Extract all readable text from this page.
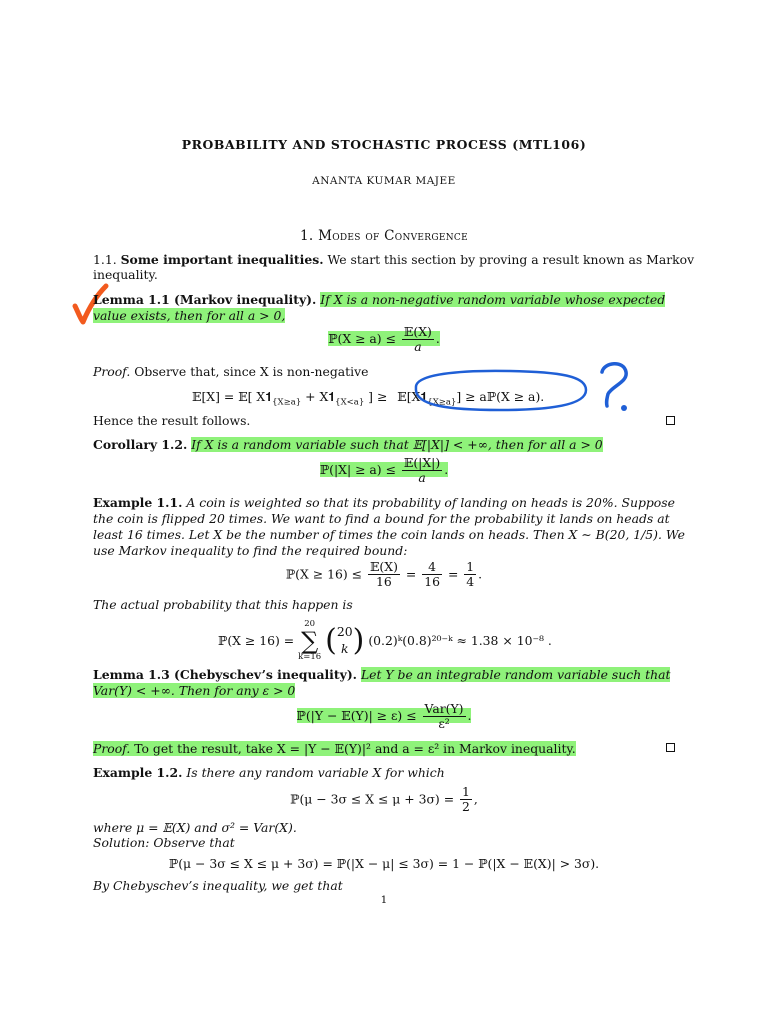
PROBABILITY AND STOCHASTIC PROCESS (MTL106)
ANANTA KUMAR MAJEE
1. Modes of Convergence
1.1. Some important inequalities. We start this section by proving a result known as Markov
inequality.
Lemma 1.1 (Markov inequality). If X is a non-negative random variable whose expected
value exists, then for all a > 0,
ℙ(X ≥ $a) \le \frac{\text{𝔼(X)}}{a}$ .
Proof. Observe that, since X is non-negative
𝔼[X] = 𝔼[ $X𝟏_{\{X\ge a\}}$ + $X𝟏_{\{X<a\}}$ ] ≥ $𝔼[X𝟏_{\{X\ge a\}}]$ ≥ aℙ(X ≥ a).
Hence the result follows.
Corollary 1.2. If X is a random variable such that 𝔼[|X|] < +∞, then for all a > 0
ℙ(|X| ≥ $a) \le \frac{\text{𝔼(|X|)}}{a}$ .
Example 1.1. A coin is weighted so that its probability of landing on heads is 20%. Suppose
the coin is flipped 20 times. We want to find a bound for the probability it lands on heads at
least 16 times. Let X be the number of times the coin lands on heads. Then X ∼ B(20, 1/5). We
use Markov inequality to find the required bound:
ℙ(X ≥ $16) \le \frac{\text{𝔼(X)}}{16} = \frac{4}{16} = \frac{1}{4}$ .
The actual probability that this happen is
ℙ(X ≥ 16) =
20
∑
k=16 ( 20
k ) (0.2)ᵏ(0.8)²⁰⁻ᵏ ≈ 1.38 × 10⁻⁸ .
Lemma 1.3 (Chebyschev’s inequality). Let Y be an integrable random variable such that
Var(Y) < +∞. Then for any ε > 0
ℙ(|Y − 𝔼(Y)| ≥ $\varepsilon) \le \frac{\text{Var(Y)}}{\text{ε²}}$ .
Proof. To get the result, take X = |Y − 𝔼(Y)|² and a = ε² in Markov inequality.
Example 1.2. Is there any random variable X for which
ℙ(μ − $3\sigma \le X \le \mu + 3\sigma) = \frac{1}{2}$ ,
where μ = 𝔼(X) and σ² = Var(X).
Solution: Observe that
ℙ(μ − 3σ ≤ X ≤ μ + 3σ) = ℙ(|X − μ| ≤ 3σ) = 1 − ℙ(|X − 𝔼(X)| > 3σ).
By Chebyschev’s inequality, we get that
1
